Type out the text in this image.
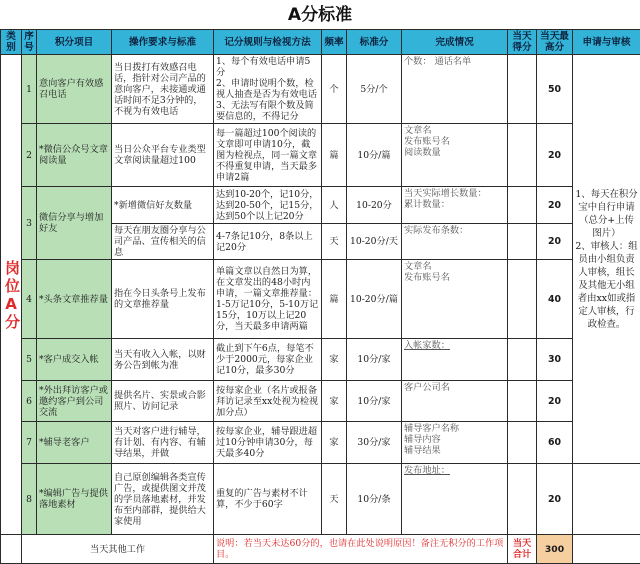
A分标准
类别	序号	积分项目	操作要求与标准	记分规则与检视方法	频率	标准分	完成情况	当天得分	当天最高分	申请与审核

岗位A分	1	意向客户有效感召电话	当日拨打有效感召电话，指针对公司产品的意向客户，未接通或通话时间不足3分钟的，不视为有效电话	1、每个有效电话申请5分
2、申请时说明个数，检视人抽查是否为有效电话
3、无法写有限个数及简要信息的，不得记分	个	5分/个	个数： 通话名单		50	1、每天在积分宝中自行申请（总分+上传图片）
2、审核人：组员由小组负责人审核，组长及其他无小组者由xx如或指定人审核，行政检查。

	2	*微信公众号文章阅读量	当日公众平台专业类型文章阅读量超过100	每一篇超过100个阅读的文章即可申请10分，截图为检视点，同一篇文章不得重复申请，当天最多申请2篇	篇	10分/篇	文章名
发布账号名
阅读数量		20	
	3	微信分享与增加好友	*新增微信好友数量	达到10-20个，记10分，达到20-50个，记15分，达到50个以上记20分	人	10-20分	当天实际增长数量：
累计数量：		20	
			每天在朋友圈分享与公司产品、宣传相关的信息	4-7条记10分，8条以上记20分	天	10-20分/天	实际发布条数：		20	
	4	*头条文章推荐量	指在今日头条号上发布的文章推荐量	单篇文章以自然日为算，在文章发出的48小时内申请，一篇文章推荐量：1-5万记10分，5-10万记15分，10万以上记20分，当天最多申请两篇	篇	10-20分/篇	文章名
发布账号名		40	
	5	*客户成交入帐	当天有收入入帐，以财务公告到帐为准	截止到下午6点，每笔不少于2000元，每家企业记10分，最多30分	家	10分/家	入帐家数：		30	
	6	*外出拜访客户或邀约客户到公司交流	提供名片、实景或合影照片、访问记录	按每家企业（名片或报备拜访记录至xx处视为检视加分点）	家	10分/家	客户公司名		20	
	7	*辅导老客户	当天对客户进行辅导，有计划、有内容、有辅导结果，并做	按每家企业，辅导跟进超过10分钟申请30分，每天最多40分	家	30分/家	辅导客户名称
辅导内容
辅导结果		60	
	8	*编辑广告与提供落地素材	自己原创编辑各类宣传广告，或提供图文并茂的学员落地素材，并发布至内部群，提供给大家使用	重复的广告与素材不计算，不少于60字	天	10分/条	发布地址：		20	
	当天其他工作			说明：若当天未达60分的，也请在此处说明原因！备注无积分的工作项目。				当天合计	300	
